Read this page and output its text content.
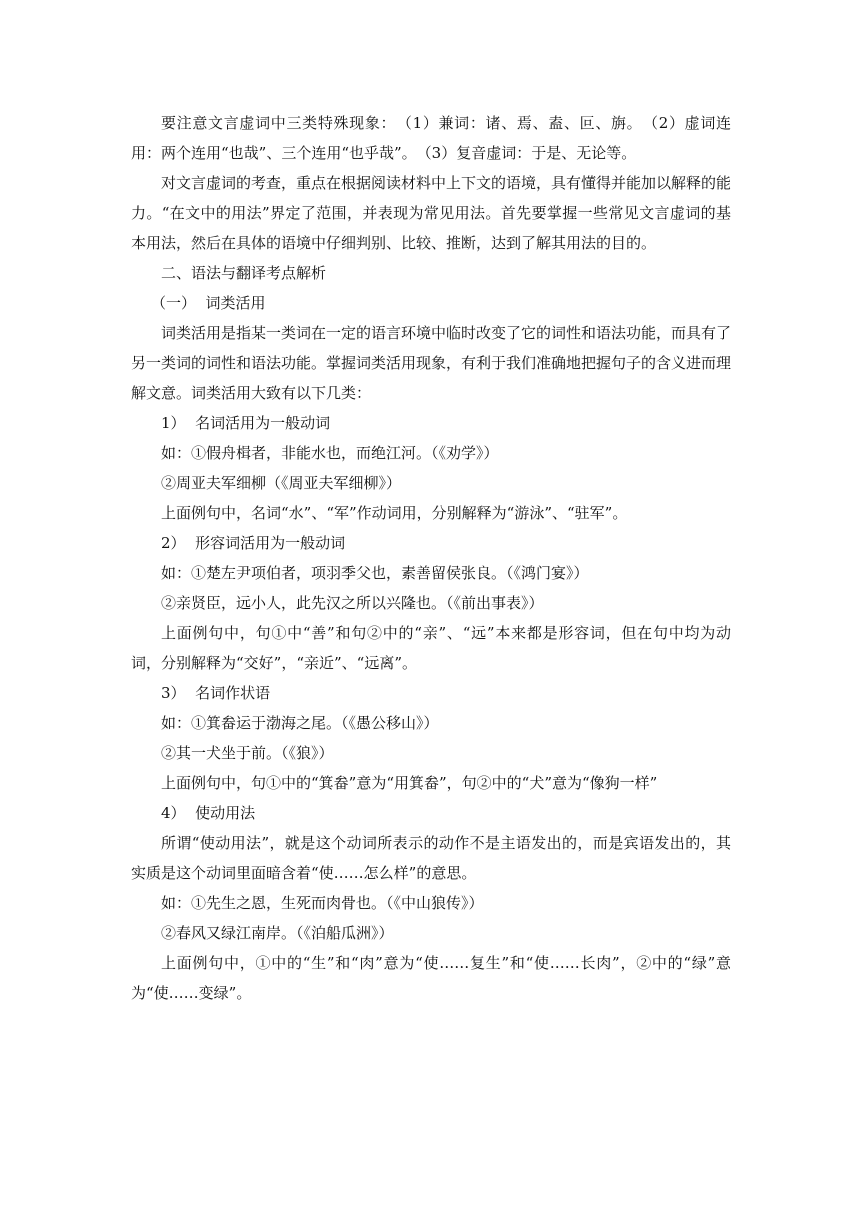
要注意文言虚词中三类特殊现象：　（1）兼词：诸、焉、盍、叵、旃。　（2）虚词连用：两个连用“也哉”、三个连用“也乎哉”。　（3）复音虚词：于是、无论等。

对文言虚词的考查，重点在根据阅读材料中上下文的语境，具有懂得并能加以解释的能力。“在文中的用法”界定了范围，并表现为常见用法。首先要掌握一些常见文言虚词的基本用法，然后在具体的语境中仔细判别、比较、推断，达到了解其用法的目的。

二、语法与翻译考点解析

（一）  词类活用

词类活用是指某一类词在一定的语言环境中临时改变了它的词性和语法功能，而具有了另一类词的词性和语法功能。掌握词类活用现象，有利于我们准确地把握句子的含义进而理解文意。词类活用大致有以下几类：

1）  名词活用为一般动词

如：①假舟楫者，非能水也，而绝江河。（《劝学》）

②周亚夫军细柳（《周亚夫军细柳》）

上面例句中，名词“水”、“军”作动词用，分别解释为“游泳”、“驻军”。

2）  形容词活用为一般动词

如：①楚左尹项伯者，项羽季父也，素善留侯张良。（《鸿门宴》）

②亲贤臣，远小人，此先汉之所以兴隆也。（《前出事表》）

上面例句中，句①中“善”和句②中的“亲”、“远”本来都是形容词，但在句中均为动词，分别解释为“交好”，“亲近”、“远离”。

3）  名词作状语

如：①箕畚运于渤海之尾。（《愚公移山》）

②其一犬坐于前。（《狼》）

上面例句中，句①中的“箕畚”意为“用箕畚”，句②中的“犬”意为“像狗一样”

4）  使动用法

所谓“使动用法”，就是这个动词所表示的动作不是主语发出的，而是宾语发出的，其实质是这个动词里面暗含着“使……怎么样”的意思。

如：①先生之恩，生死而肉骨也。（《中山狼传》）

②春风又绿江南岸。（《泊船瓜洲》）

上面例句中，①中的“生”和“肉”意为“使……复生”和“使……长肉”，②中的“绿”意为“使……变绿”。
